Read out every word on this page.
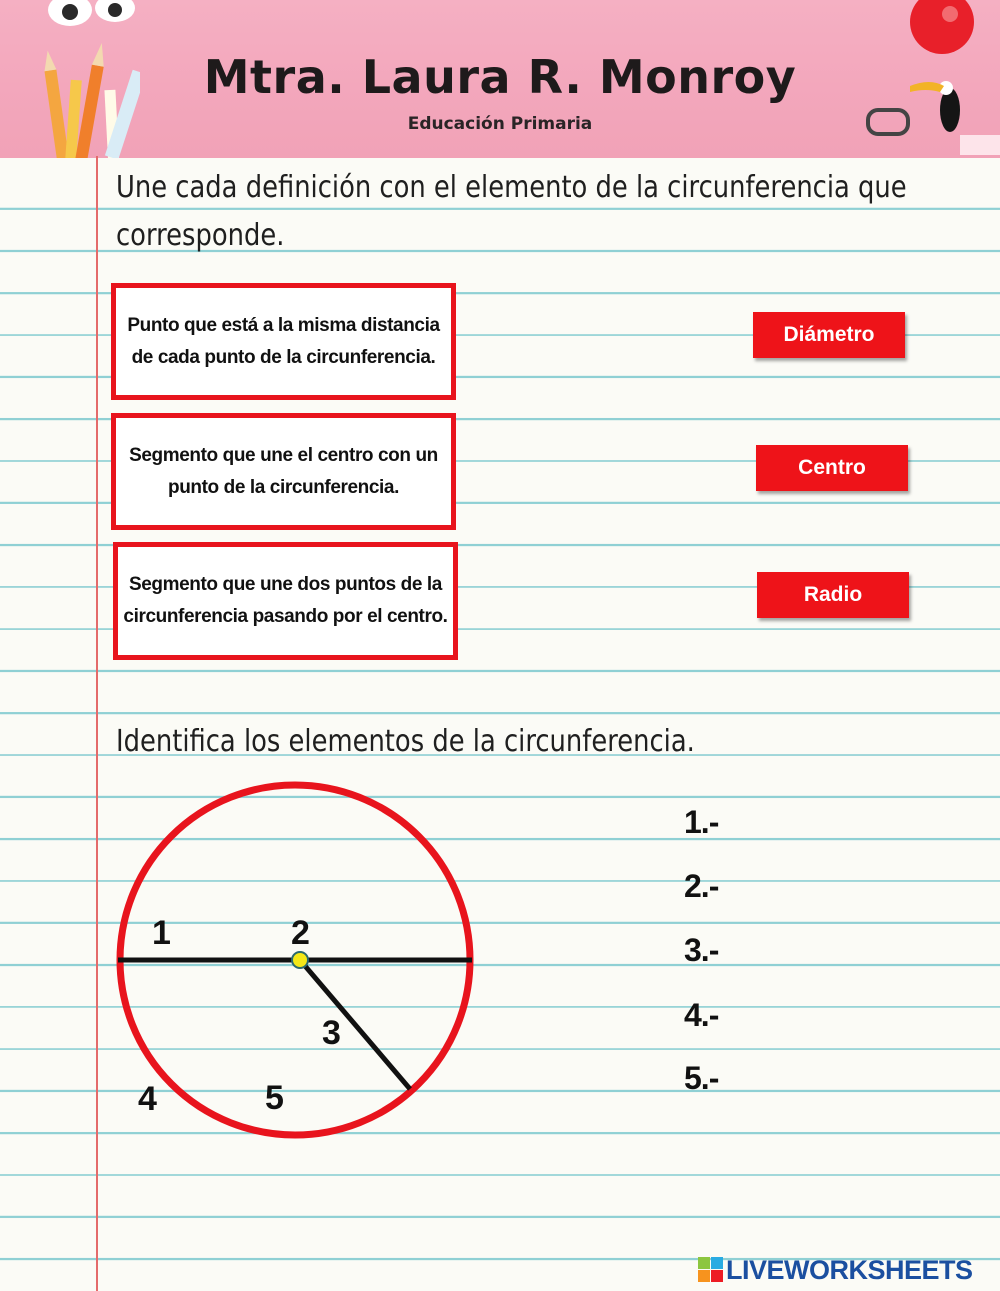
Mtra. Laura R. Monroy
Educación Primaria
Une cada definición con el elemento de la circunferencia que corresponde.
Punto que está a la misma distancia
de cada punto de la circunferencia.
Segmento que une el centro con un
punto de la circunferencia.
Segmento que une dos puntos de la
circunferencia pasando por el centro.
Diámetro
Centro
Radio
Identifica los elementos de la circunferencia.
1	2
3
4	5
1.-
2.-
3.-
4.-
5.-
LIVEWORKSHEETS
